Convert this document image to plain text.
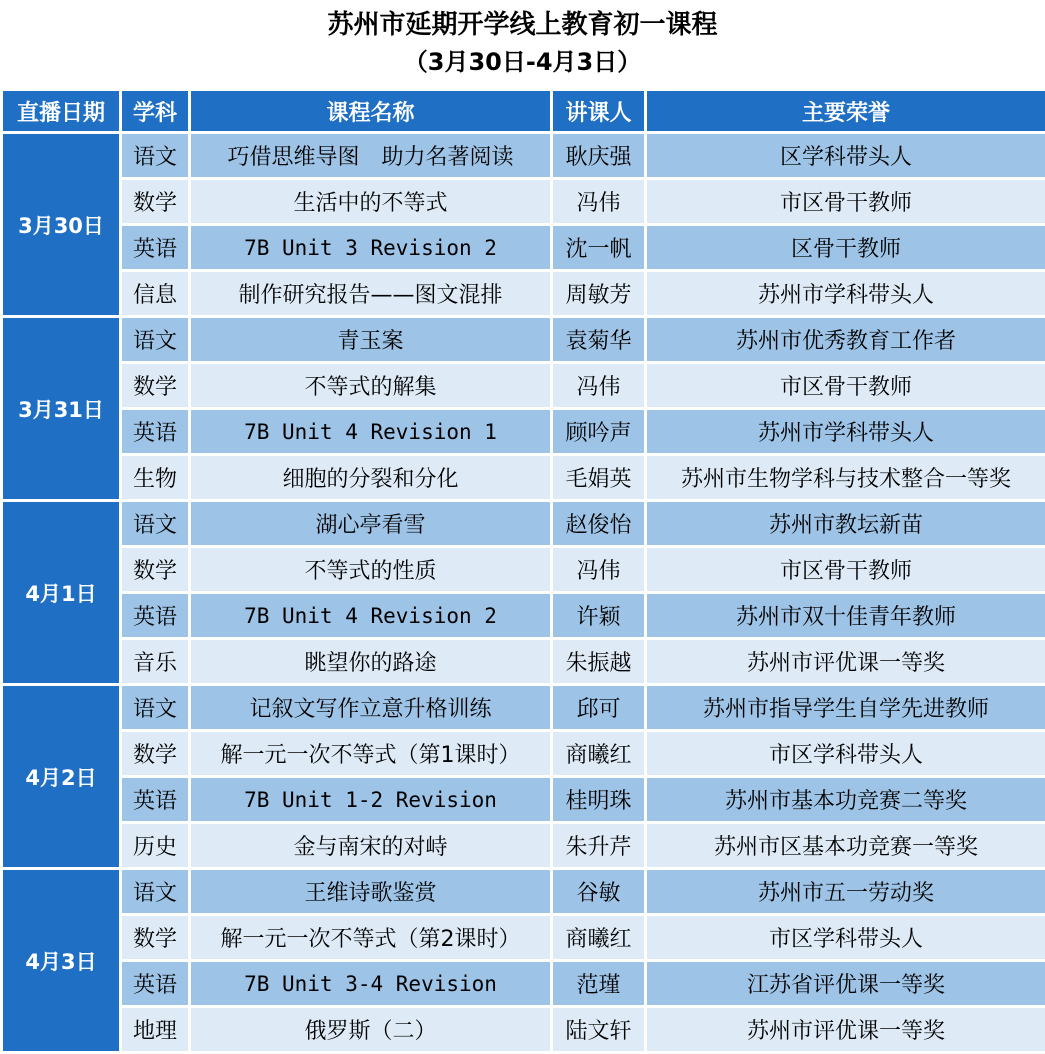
苏州市延期开学线上教育初一课程
（3月30日-4月3日）
直播日期	学科	课程名称	讲课人	主要荣誉
3月30日	语文	巧借思维导图　助力名著阅读	耿庆强	区学科带头人
	数学	生活中的不等式	冯伟	市区骨干教师
	英语	7B Unit 3 Revision 2	沈一帆	区骨干教师
	信息	制作研究报告——图文混排	周敏芳	苏州市学科带头人
3月31日	语文	青玉案	袁菊华	苏州市优秀教育工作者
	数学	不等式的解集	冯伟	市区骨干教师
	英语	7B Unit 4 Revision 1	顾吟声	苏州市学科带头人
	生物	细胞的分裂和分化	毛娟英	苏州市生物学科与技术整合一等奖
4月1日	语文	湖心亭看雪	赵俊怡	苏州市教坛新苗
	数学	不等式的性质	冯伟	市区骨干教师
	英语	7B Unit 4 Revision 2	许颖	苏州市双十佳青年教师
	音乐	眺望你的路途	朱振越	苏州市评优课一等奖
4月2日	语文	记叙文写作立意升格训练	邱可	苏州市指导学生自学先进教师
	数学	解一元一次不等式（第1课时）	商曦红	市区学科带头人
	英语	7B Unit 1-2 Revision	桂明珠	苏州市基本功竞赛二等奖
	历史	金与南宋的对峙	朱升芹	苏州市区基本功竞赛一等奖
4月3日	语文	王维诗歌鉴赏	谷敏	苏州市五一劳动奖
	数学	解一元一次不等式（第2课时）	商曦红	市区学科带头人
	英语	7B Unit 3-4 Revision	范瑾	江苏省评优课一等奖
	地理	俄罗斯（二）	陆文轩	苏州市评优课一等奖
